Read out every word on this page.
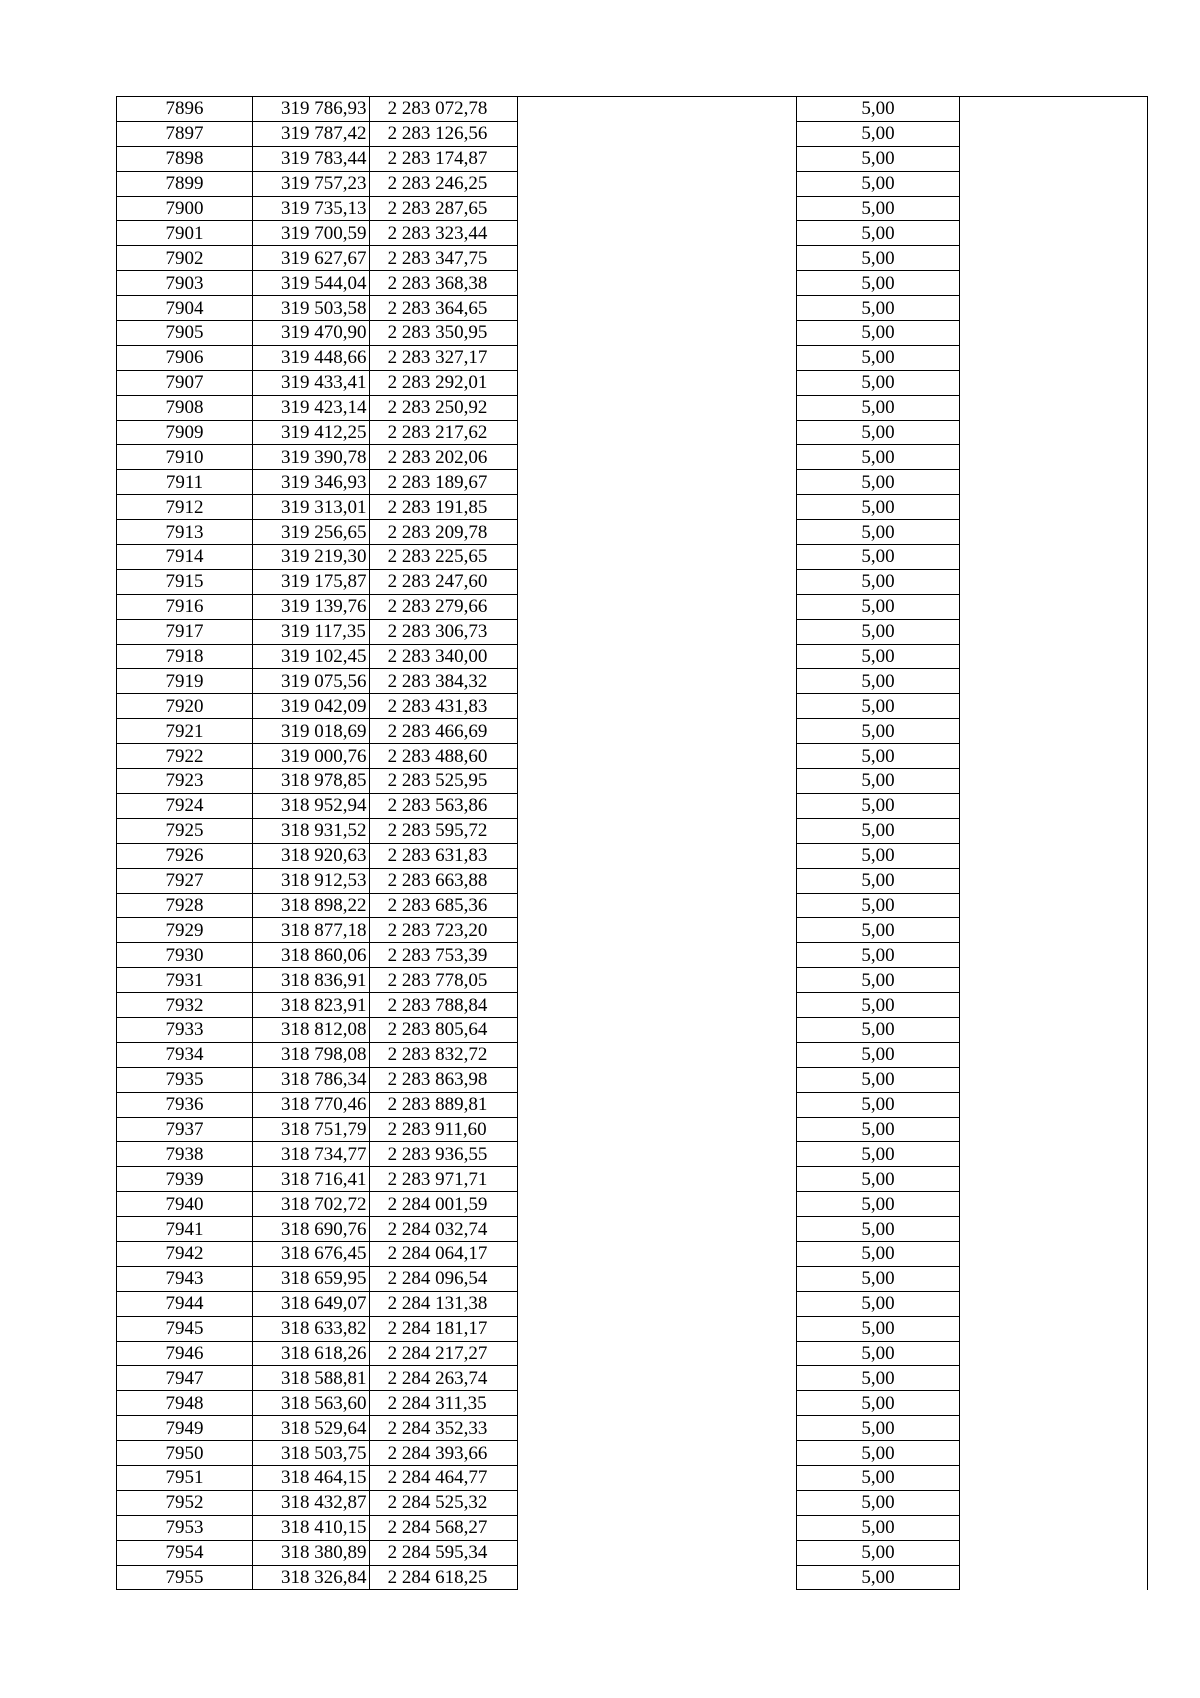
7896	319 786,93	2 283 072,78		5,00	
7897	319 787,42	2 283 126,56		5,00	
7898	319 783,44	2 283 174,87		5,00	
7899	319 757,23	2 283 246,25		5,00	
7900	319 735,13	2 283 287,65		5,00	
7901	319 700,59	2 283 323,44		5,00	
7902	319 627,67	2 283 347,75		5,00	
7903	319 544,04	2 283 368,38		5,00	
7904	319 503,58	2 283 364,65		5,00	
7905	319 470,90	2 283 350,95		5,00	
7906	319 448,66	2 283 327,17		5,00	
7907	319 433,41	2 283 292,01		5,00	
7908	319 423,14	2 283 250,92		5,00	
7909	319 412,25	2 283 217,62		5,00	
7910	319 390,78	2 283 202,06		5,00	
7911	319 346,93	2 283 189,67		5,00	
7912	319 313,01	2 283 191,85		5,00	
7913	319 256,65	2 283 209,78		5,00	
7914	319 219,30	2 283 225,65		5,00	
7915	319 175,87	2 283 247,60		5,00	
7916	319 139,76	2 283 279,66		5,00	
7917	319 117,35	2 283 306,73		5,00	
7918	319 102,45	2 283 340,00		5,00	
7919	319 075,56	2 283 384,32		5,00	
7920	319 042,09	2 283 431,83		5,00	
7921	319 018,69	2 283 466,69		5,00	
7922	319 000,76	2 283 488,60		5,00	
7923	318 978,85	2 283 525,95		5,00	
7924	318 952,94	2 283 563,86		5,00	
7925	318 931,52	2 283 595,72		5,00	
7926	318 920,63	2 283 631,83		5,00	
7927	318 912,53	2 283 663,88		5,00	
7928	318 898,22	2 283 685,36		5,00	
7929	318 877,18	2 283 723,20		5,00	
7930	318 860,06	2 283 753,39		5,00	
7931	318 836,91	2 283 778,05		5,00	
7932	318 823,91	2 283 788,84		5,00	
7933	318 812,08	2 283 805,64		5,00	
7934	318 798,08	2 283 832,72		5,00	
7935	318 786,34	2 283 863,98		5,00	
7936	318 770,46	2 283 889,81		5,00	
7937	318 751,79	2 283 911,60		5,00	
7938	318 734,77	2 283 936,55		5,00	
7939	318 716,41	2 283 971,71		5,00	
7940	318 702,72	2 284 001,59		5,00	
7941	318 690,76	2 284 032,74		5,00	
7942	318 676,45	2 284 064,17		5,00	
7943	318 659,95	2 284 096,54		5,00	
7944	318 649,07	2 284 131,38		5,00	
7945	318 633,82	2 284 181,17		5,00	
7946	318 618,26	2 284 217,27		5,00	
7947	318 588,81	2 284 263,74		5,00	
7948	318 563,60	2 284 311,35		5,00	
7949	318 529,64	2 284 352,33		5,00	
7950	318 503,75	2 284 393,66		5,00	
7951	318 464,15	2 284 464,77		5,00	
7952	318 432,87	2 284 525,32		5,00	
7953	318 410,15	2 284 568,27		5,00	
7954	318 380,89	2 284 595,34		5,00	
7955	318 326,84	2 284 618,25		5,00	
